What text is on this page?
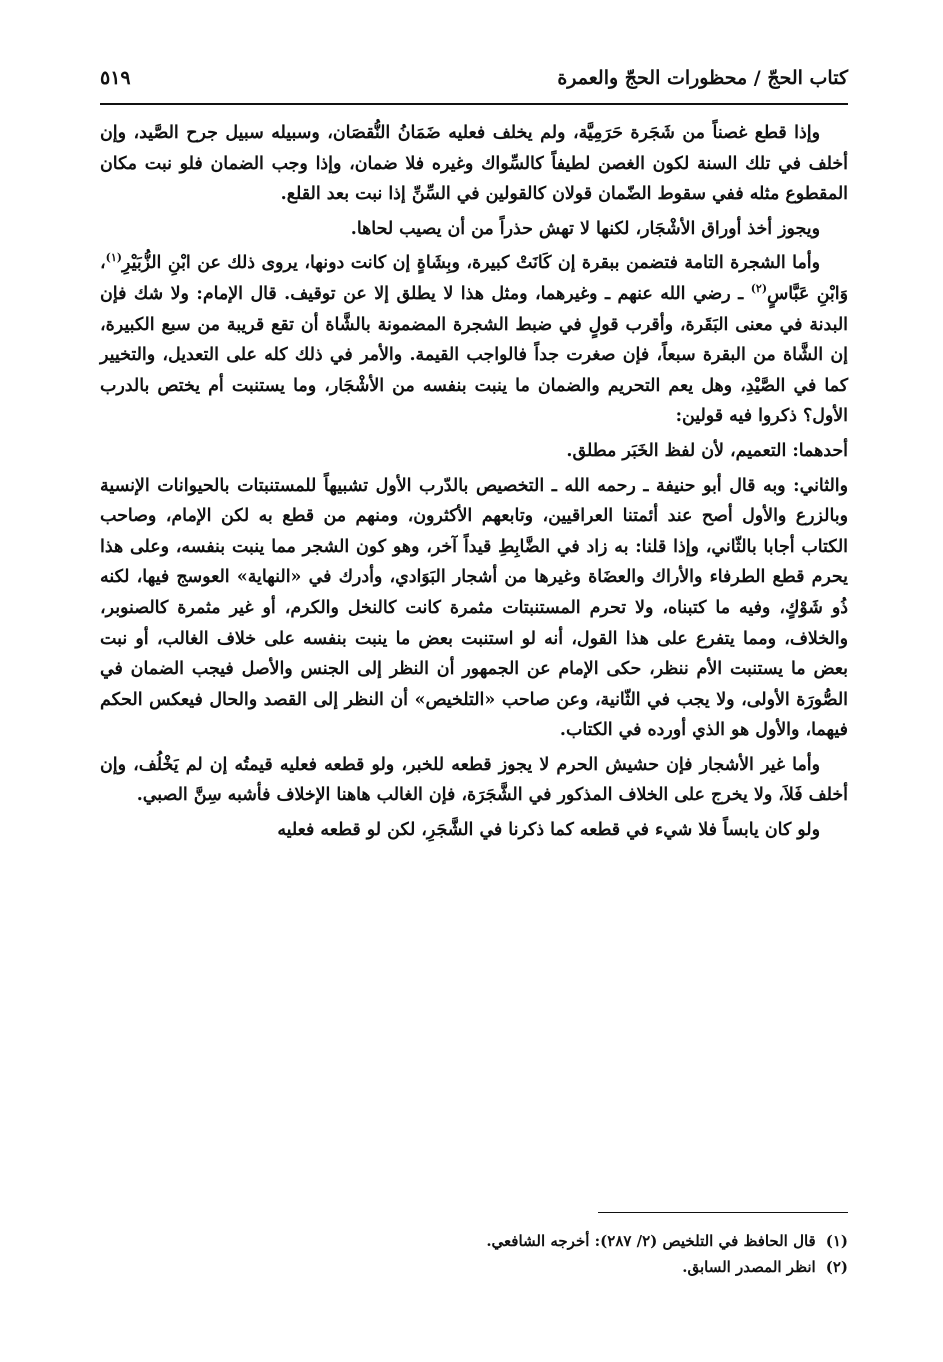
كتاب الحجّ / محظورات الحجّ والعمرة
٥١٩

وإذا قطع غصناً من شَجَرة حَرَمِيَّة، ولم يخلف فعليه ضَمَانُ النُّقصَان، وسبيله سبيل جرح الصَّيد، وإن أخلف في تلك السنة لكون الغصن لطيفاً كالسِّواك وغيره فلا ضمان، وإذا وجب الضمان فلو نبت مكان المقطوع مثله ففي سقوط الضّمان قولان كالقولين في السِّنِّ إذا نبت بعد القلع.

ويجوز أخذ أوراق الأشْجَار، لكنها لا تهش حذراً من أن يصيب لحاها.

وأما الشجرة التامة فتضمن ببقرة إن كَانَتْ كبيرة، وبِشَاةٍ إن كانت دونها، يروى ذلك عن ابْنِ الزُّبَيْرِ$^{(١)}$، وَابْنِ عَبَّاسٍ$^{(٢)}$ ـ رضي الله عنهم ـ وغيرهما، ومثل هذا لا يطلق إلا عن توقيف. قال الإمام: ولا شك فإن البدنة في معنى البَقَرة، وأقرب قولٍ في ضبط الشجرة المضمونة بالشَّاة أن تقع قريبة من سبع الكبيرة، إن الشَّاة من البقرة سبعاً، فإن صغرت جداً فالواجب القيمة. والأمر في ذلك كله على التعديل، والتخيير كما في الصَّيْدِ، وهل يعم التحريم والضمان ما ينبت بنفسه من الأشْجَار، وما يستنبت أم يختص بالدرب الأول؟ ذكروا فيه قولين:

أحدهما: التعميم، لأن لفظ الخَبَر مطلق.

والثاني: وبه قال أبو حنيفة ـ رحمه الله ـ التخصيص بالدّرب الأول تشبيهاً للمستنبتات بالحيوانات الإنسية وبالزرع والأول أصح عند أئمتنا العراقيين، وتابعهم الأكثرون، ومنهم من قطع به لكن الإمام، وصاحب الكتاب أجابا بالثّاني، وإذا قلنا: به زاد في الضَّابِطِ قيداً آخر، وهو كون الشجر مما ينبت بنفسه، وعلى هذا يحرم قطع الطرفاء والأراك والعضَاة وغيرها من أشجار البَوَادي، وأدرك في «النهاية» العوسج فيها، لكنه ذُو شَوْكٍ، وفيه ما كتبناه، ولا تحرم المستنبتات مثمرة كانت كالنخل والكرم، أو غير مثمرة كالصنوبر، والخلاف، ومما يتفرع على هذا القول، أنه لو استنبت بعض ما ينبت بنفسه على خلاف الغالب، أو نبت بعض ما يستنبت الأم ننظر، حكى الإمام عن الجمهور أن النظر إلى الجنس والأصل فيجب الضمان في الصُّورَة الأولى، ولا يجب في الثّانية، وعن صاحب «التلخيص» أن النظر إلى القصد والحال فيعكس الحكم فيهما، والأول هو الذي أورده في الكتاب.

وأما غير الأشجار فإن حشيش الحرم لا يجوز قطعه للخبر، ولو قطعه فعليه قيمتُه إن لم يَخْلُف، وإن أخلف فَلاَ، ولا يخرج على الخلاف المذكور في الشَّجَرَة، فإن الغالب هاهنا الإخلاف فأشبه سِنَّ الصبي.

ولو كان يابساً فلا شيء في قطعه كما ذكرنا في الشَّجَرِ، لكن لو قطعه فعليه

(١)
قال الحافظ في التلخيص (٢/ ٢٨٧): أخرجه الشافعي.
(٢)
انظر المصدر السابق.
